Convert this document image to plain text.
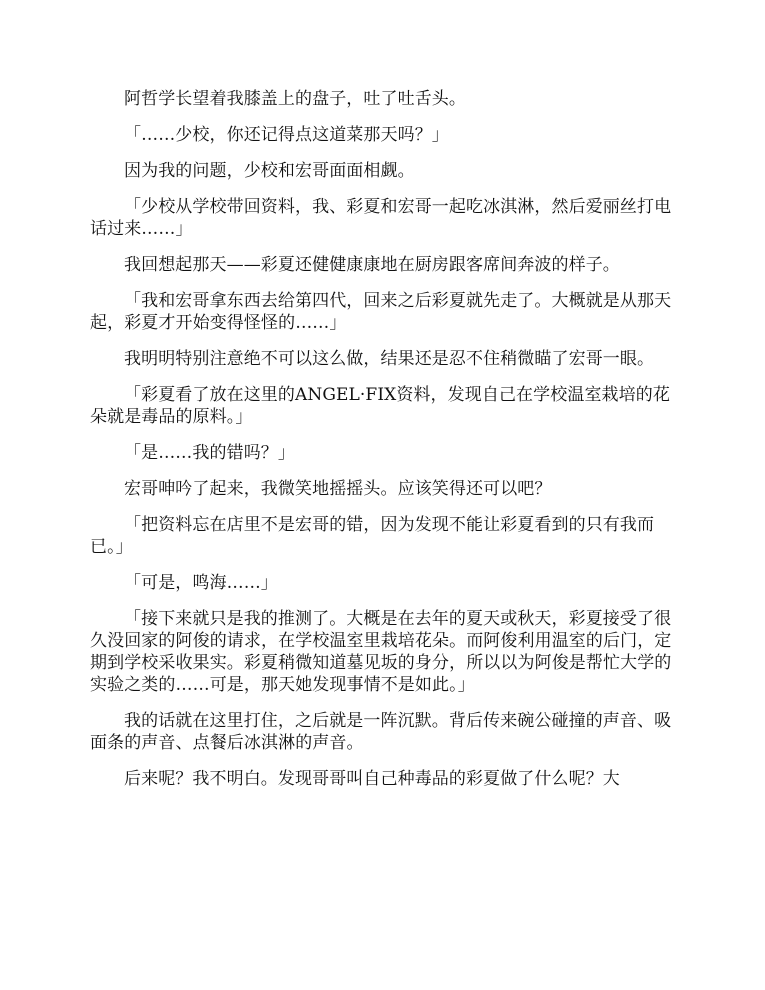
阿哲学长望着我膝盖上的盘子，吐了吐舌头。

「……少校，你还记得点这道菜那天吗？」

因为我的问题，少校和宏哥面面相觑。

「少校从学校带回资料，我、彩夏和宏哥一起吃冰淇淋，然后爱丽丝打电话过来……」

我回想起那天——彩夏还健健康康地在厨房跟客席间奔波的样子。

「我和宏哥拿东西去给第四代，回来之后彩夏就先走了。大概就是从那天起，彩夏才开始变得怪怪的……」

我明明特别注意绝不可以这么做，结果还是忍不住稍微瞄了宏哥一眼。

「彩夏看了放在这里的ANGEL·FIX资料，发现自己在学校温室栽培的花朵就是毒品的原料。」

「是……我的错吗？」

宏哥呻吟了起来，我微笑地摇摇头。应该笑得还可以吧？

「把资料忘在店里不是宏哥的错，因为发现不能让彩夏看到的只有我而已。」

「可是，鸣海……」

「接下来就只是我的推测了。大概是在去年的夏天或秋天，彩夏接受了很久没回家的阿俊的请求，在学校温室里栽培花朵。而阿俊利用温室的后门，定期到学校采收果实。彩夏稍微知道墓见坂的身分，所以以为阿俊是帮忙大学的实验之类的……可是，那天她发现事情不是如此。」

我的话就在这里打住，之后就是一阵沉默。背后传来碗公碰撞的声音、吸面条的声音、点餐后冰淇淋的声音。

后来呢？我不明白。发现哥哥叫自己种毒品的彩夏做了什么呢？大
